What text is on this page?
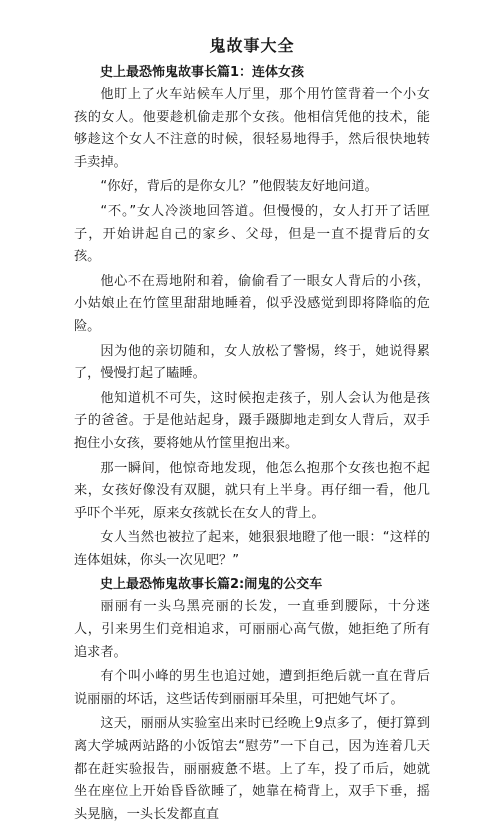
鬼故事大全

史上最恐怖鬼故事长篇1：连体女孩

他盯上了火车站候车人厅里，那个用竹筐背着一个小女孩的女人。他要趁机偷走那个女孩。他相信凭他的技术，能够趁这个女人不注意的时候，很轻易地得手，然后很快地转手卖掉。

“你好，背后的是你女儿？”他假装友好地问道。

“不。”女人冷淡地回答道。但慢慢的，女人打开了话匣子，开始讲起自己的家乡、父母，但是一直不提背后的女孩。

他心不在焉地附和着，偷偷看了一眼女人背后的小孩，小姑娘止在竹筐里甜甜地睡着，似乎没感觉到即将降临的危险。

因为他的亲切随和，女人放松了警惕，终于，她说得累了，慢慢打起了瞌睡。

他知道机不可失，这时候抱走孩子，别人会认为他是孩子的爸爸。于是他站起身，蹑手蹑脚地走到女人背后，双手抱住小女孩，要将她从竹筐里抱出来。

那一瞬间，他惊奇地发现，他怎么抱那个女孩也抱不起来，女孩好像没有双腿，就只有上半身。再仔细一看，他几乎吓个半死，原来女孩就长在女人的背上。

女人当然也被拉了起来，她狠狠地瞪了他一眼：“这样的连体姐妹，你头一次见吧？”

史上最恐怖鬼故事长篇2:闹鬼的公交车

丽丽有一头乌黑亮丽的长发，一直垂到腰际，十分迷人，引来男生们竞相追求，可丽丽心高气傲，她拒绝了所有追求者。

有个叫小峰的男生也追过她，遭到拒绝后就一直在背后说丽丽的坏话，这些话传到丽丽耳朵里，可把她气坏了。

这天，丽丽从实验室出来时已经晚上9点多了，便打算到离大学城两站路的小饭馆去“慰劳”一下自己，因为连着几天都在赶实验报告，丽丽疲惫不堪。上了车，投了币后，她就坐在座位上开始昏昏欲睡了，她靠在椅背上，双手下垂，摇头晃脑，一头长发都直直
